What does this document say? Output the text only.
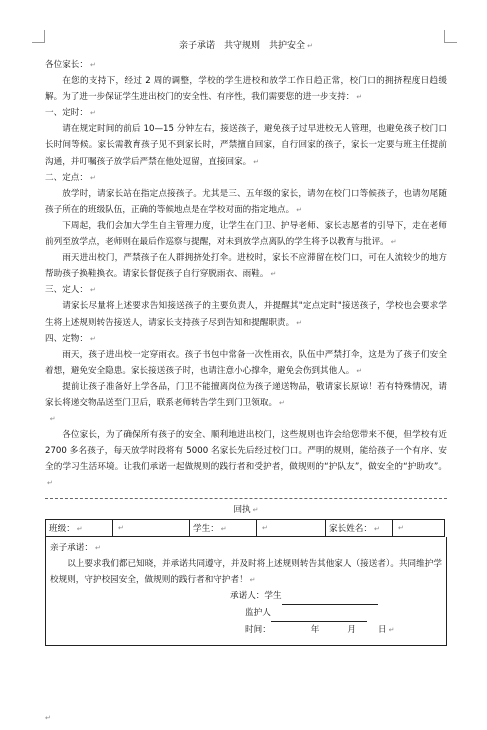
亲子承诺　共守规则　共护安全 ↵
各位家长： ↵

在您的支持下，经过 2 周的调整，学校的学生进校和放学工作日趋正常，校门口的拥挤程度日趋缓解。为了进一步保证学生进出校门的安全性、有序性，我们需要您的进一步支持： ↵

一、定时： ↵

请在规定时间的前后 10—15 分钟左右，接送孩子，避免孩子过早进校无人管理，也避免孩子校门口长时间等候。家长需教育孩子见不到家长时，严禁擅自回家，自行回家的孩子，家长一定要与班主任提前沟通，并叮嘱孩子放学后严禁在他处逗留，直接回家。 ↵

二、定点： ↵

放学时，请家长站在指定点接孩子。尤其是三、五年级的家长，请勿在校门口等候孩子，也请勿尾随孩子所在的班级队伍，正确的等候地点是在学校对面的指定地点。 ↵

下周起，我们会加大学生自主管理力度，让学生在门卫、护导老师、家长志愿者的引导下，走在老师前列至放学点，老师则在最后作巡察与提醒，对未到放学点离队的学生将予以教育与批评。 ↵

雨天进出校门，严禁孩子在人群拥挤处打伞。进校时，家长不应滞留在校门口，可在人流较少的地方帮助孩子换鞋换衣。请家长督促孩子自行穿脱雨衣、雨鞋。 ↵

三、定人： ↵

请家长尽量将上述要求告知接送孩子的主要负责人，并提醒其"定点定时"接送孩子，学校也会要求学生将上述规则转告接送人，请家长支持孩子尽到告知和提醒职责。 ↵

四、定物： ↵

雨天，孩子进出校一定穿雨衣。孩子书包中常备一次性雨衣，队伍中严禁打伞，这是为了孩子们安全着想，避免安全隐患。家长接送孩子时，也请注意小心撑伞，避免会伤到其他人。 ↵

提前让孩子准备好上学各品，门卫不能擅离岗位为孩子递送物品，敬请家长原谅！若有特殊情况，请家长将递交物品送至门卫后，联系老师转告学生到门卫领取。 ↵

↵

各位家长，为了确保所有孩子的安全、顺利地进出校门，这些规则也许会给您带来不便，但学校有近 2700 多名孩子，每天放学时段将有 5000 名家长先后经过校门口。严明的规则，能给孩子一个有序、安全的学习生活环境。让我们承诺一起做规则的践行者和受护者，做规则的“护队友”，做安全的“护助攻”。↵

回执 ↵
班级： ↵	↵	学生： ↵	↵	家长姓名： ↵	↵
亲子承诺： ↵

以上要求我们都已知晓，并承诺共同遵守，并及时将上述规则转告其他家人（接送者）。共同维护学校规则，守护校园安全，做规则的践行者和守护者！ ↵

承诺人：学生
监护人
时间：	年	月	日 ↵
↵
